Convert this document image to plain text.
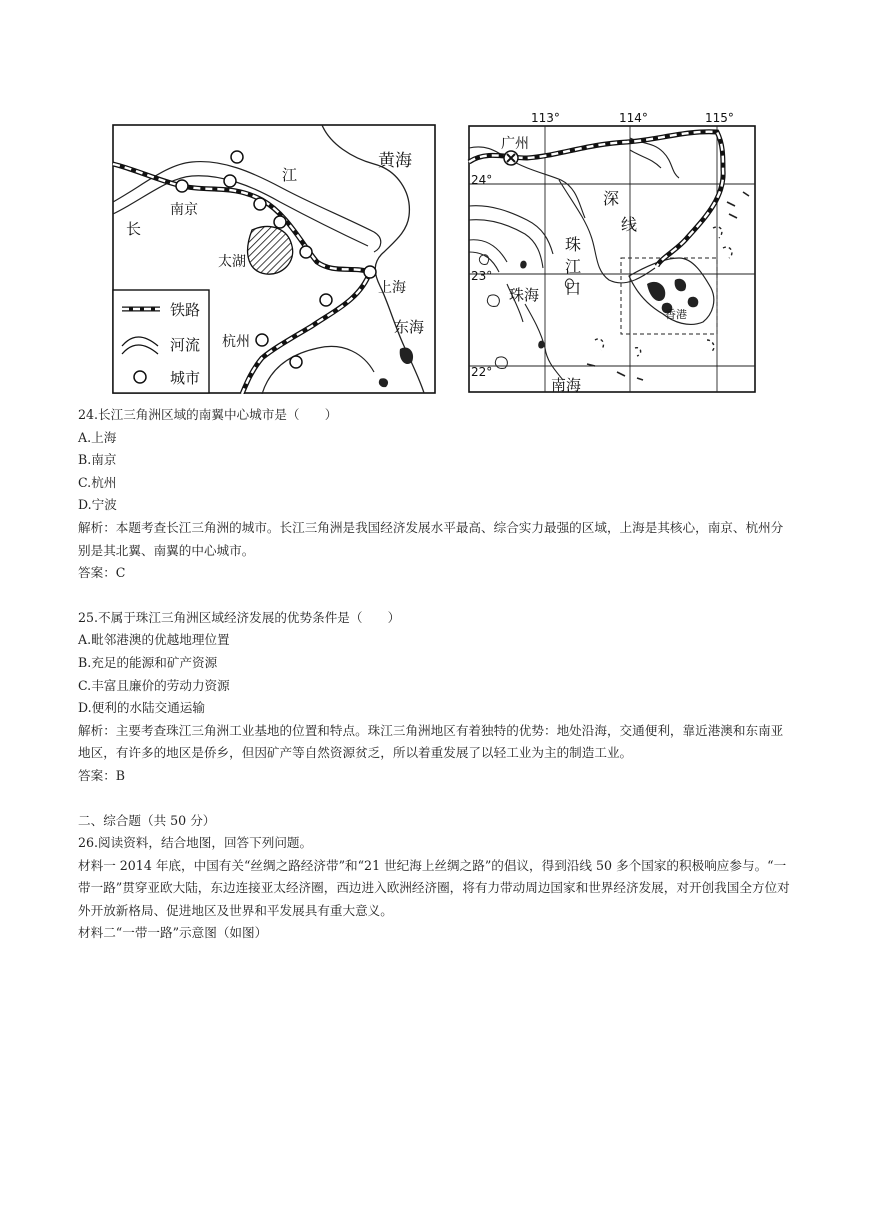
黄海
东海
江
长
南京
太湖
上海
杭州
铁路
河流
城市
113°	114°	115°
24°
23°
22°
广州
深
线
珠
江
口
珠海
南海
香港

24.长江三角洲区域的南翼中心城市是（　　）

A.上海

B.南京

C.杭州

D.宁波

解析：本题考查长江三角洲的城市。长江三角洲是我国经济发展水平最高、综合实力最强的区域，上海是其核心，南京、杭州分别是其北翼、南翼的中心城市。

答案：C

25.不属于珠江三角洲区域经济发展的优势条件是（　　）

A.毗邻港澳的优越地理位置

B.充足的能源和矿产资源

C.丰富且廉价的劳动力资源

D.便利的水陆交通运输

解析：主要考查珠江三角洲工业基地的位置和特点。珠江三角洲地区有着独特的优势：地处沿海，交通便利，靠近港澳和东南亚地区，有许多的地区是侨乡，但因矿产等自然资源贫乏，所以着重发展了以轻工业为主的制造工业。

答案：B

二、综合题（共 50 分）

26.阅读资料，结合地图，回答下列问题。

材料一 2014 年底，中国有关“丝绸之路经济带”和“21 世纪海上丝绸之路”的倡议，得到沿线 50 多个国家的积极响应参与。“一带一路”贯穿亚欧大陆，东边连接亚太经济圈，西边进入欧洲经济圈，将有力带动周边国家和世界经济发展，对开创我国全方位对外开放新格局、促进地区及世界和平发展具有重大意义。

材料二“一带一路”示意图（如图）
